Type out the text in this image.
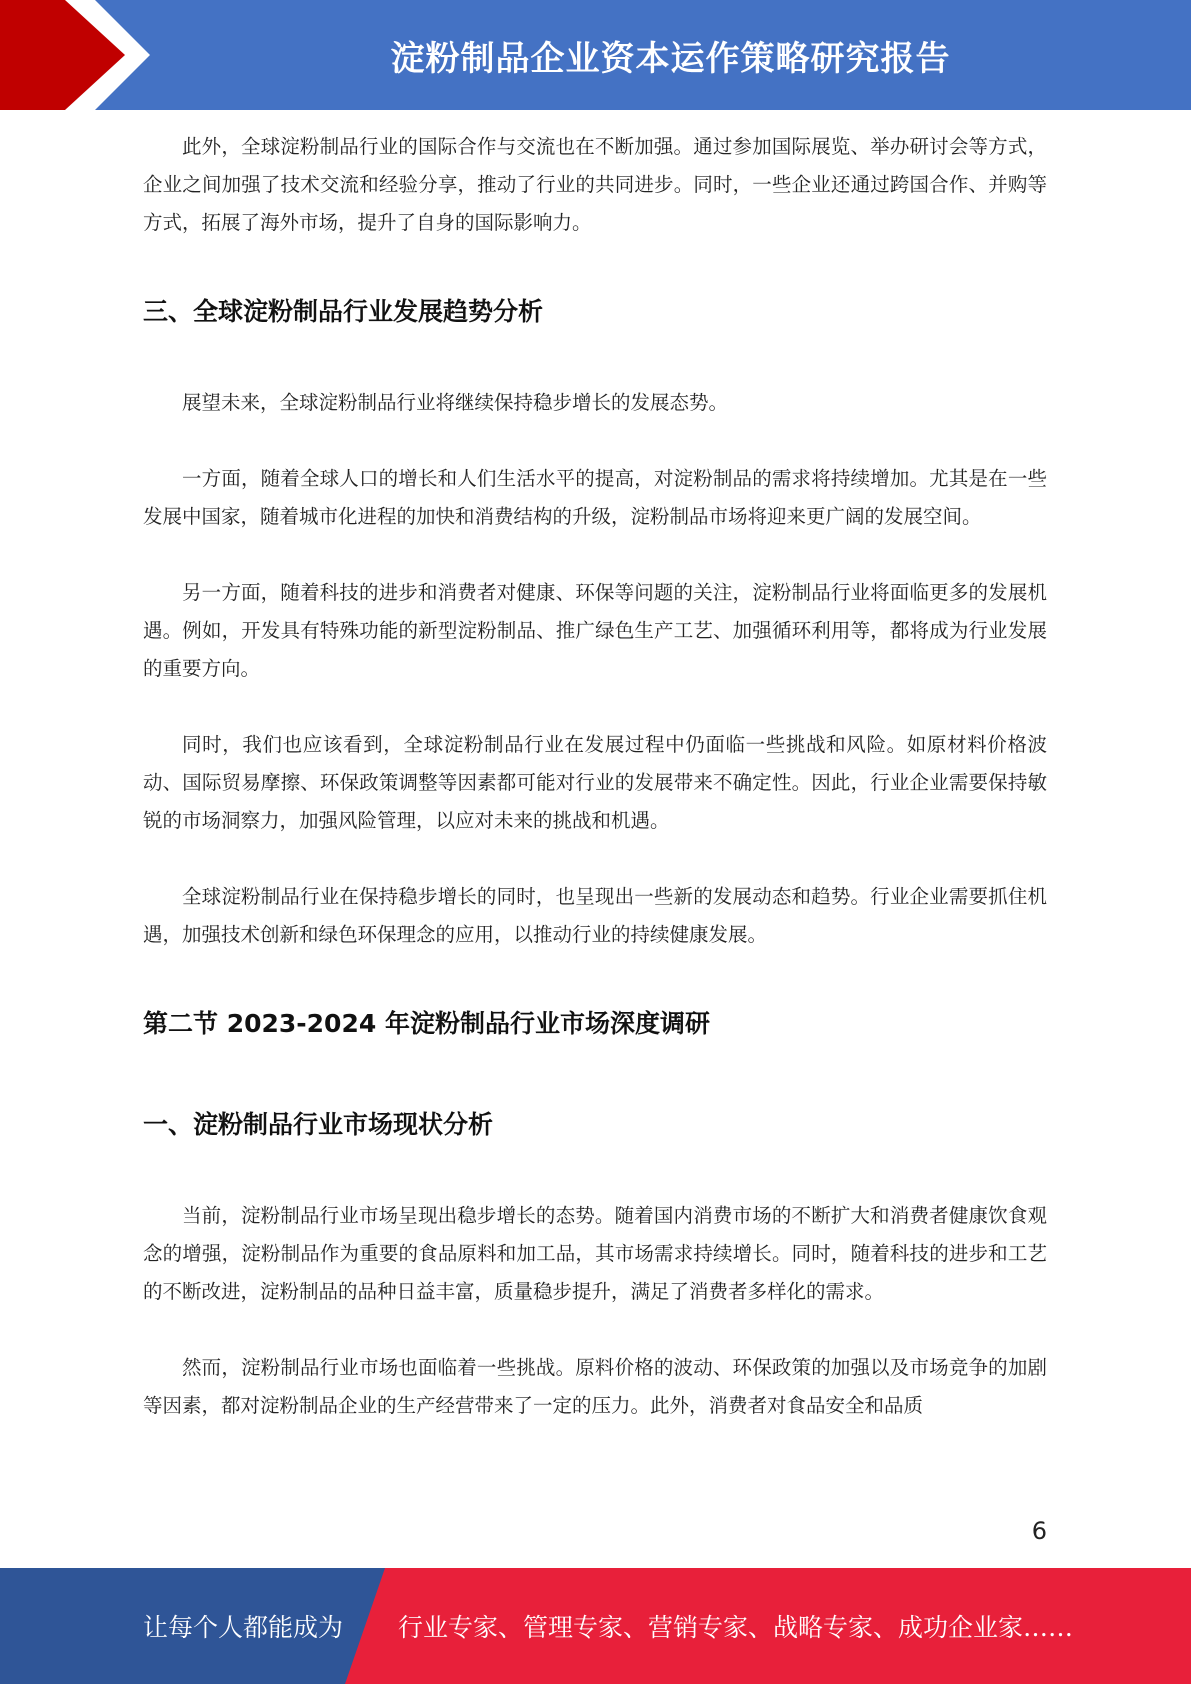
淀粉制品企业资本运作策略研究报告

此外，全球淀粉制品行业的国际合作与交流也在不断加强。通过参加国际展览、举办研讨会等方式，企业之间加强了技术交流和经验分享，推动了行业的共同进步。同时，一些企业还通过跨国合作、并购等方式，拓展了海外市场，提升了自身的国际影响力。

三、全球淀粉制品行业发展趋势分析

展望未来，全球淀粉制品行业将继续保持稳步增长的发展态势。

一方面，随着全球人口的增长和人们生活水平的提高，对淀粉制品的需求将持续增加。尤其是在一些发展中国家，随着城市化进程的加快和消费结构的升级，淀粉制品市场将迎来更广阔的发展空间。

另一方面，随着科技的进步和消费者对健康、环保等问题的关注，淀粉制品行业将面临更多的发展机遇。例如，开发具有特殊功能的新型淀粉制品、推广绿色生产工艺、加强循环利用等，都将成为行业发展的重要方向。

同时，我们也应该看到，全球淀粉制品行业在发展过程中仍面临一些挑战和风险。如原材料价格波动、国际贸易摩擦、环保政策调整等因素都可能对行业的发展带来不确定性。因此，行业企业需要保持敏锐的市场洞察力，加强风险管理，以应对未来的挑战和机遇。

全球淀粉制品行业在保持稳步增长的同时，也呈现出一些新的发展动态和趋势。行业企业需要抓住机遇，加强技术创新和绿色环保理念的应用，以推动行业的持续健康发展。

第二节 2023-2024 年淀粉制品行业市场深度调研
一、淀粉制品行业市场现状分析

当前，淀粉制品行业市场呈现出稳步增长的态势。随着国内消费市场的不断扩大和消费者健康饮食观念的增强，淀粉制品作为重要的食品原料和加工品，其市场需求持续增长。同时，随着科技的进步和工艺的不断改进，淀粉制品的品种日益丰富，质量稳步提升，满足了消费者多样化的需求。

然而，淀粉制品行业市场也面临着一些挑战。原料价格的波动、环保政策的加强以及市场竞争的加剧等因素，都对淀粉制品企业的生产经营带来了一定的压力。此外，消费者对食品安全和品质

6
让每个人都能成为 行业专家、管理专家、营销专家、战略专家、成功企业家……
